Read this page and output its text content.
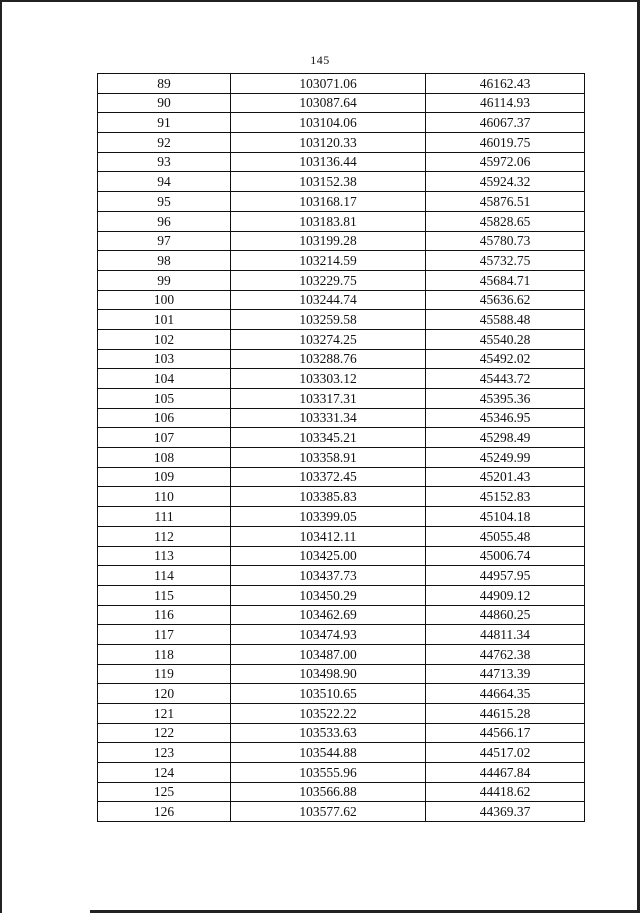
145
89	103071.06	46162.43
90	103087.64	46114.93
91	103104.06	46067.37
92	103120.33	46019.75
93	103136.44	45972.06
94	103152.38	45924.32
95	103168.17	45876.51
96	103183.81	45828.65
97	103199.28	45780.73
98	103214.59	45732.75
99	103229.75	45684.71
100	103244.74	45636.62
101	103259.58	45588.48
102	103274.25	45540.28
103	103288.76	45492.02
104	103303.12	45443.72
105	103317.31	45395.36
106	103331.34	45346.95
107	103345.21	45298.49
108	103358.91	45249.99
109	103372.45	45201.43
110	103385.83	45152.83
111	103399.05	45104.18
112	103412.11	45055.48
113	103425.00	45006.74
114	103437.73	44957.95
115	103450.29	44909.12
116	103462.69	44860.25
117	103474.93	44811.34
118	103487.00	44762.38
119	103498.90	44713.39
120	103510.65	44664.35
121	103522.22	44615.28
122	103533.63	44566.17
123	103544.88	44517.02
124	103555.96	44467.84
125	103566.88	44418.62
126	103577.62	44369.37
